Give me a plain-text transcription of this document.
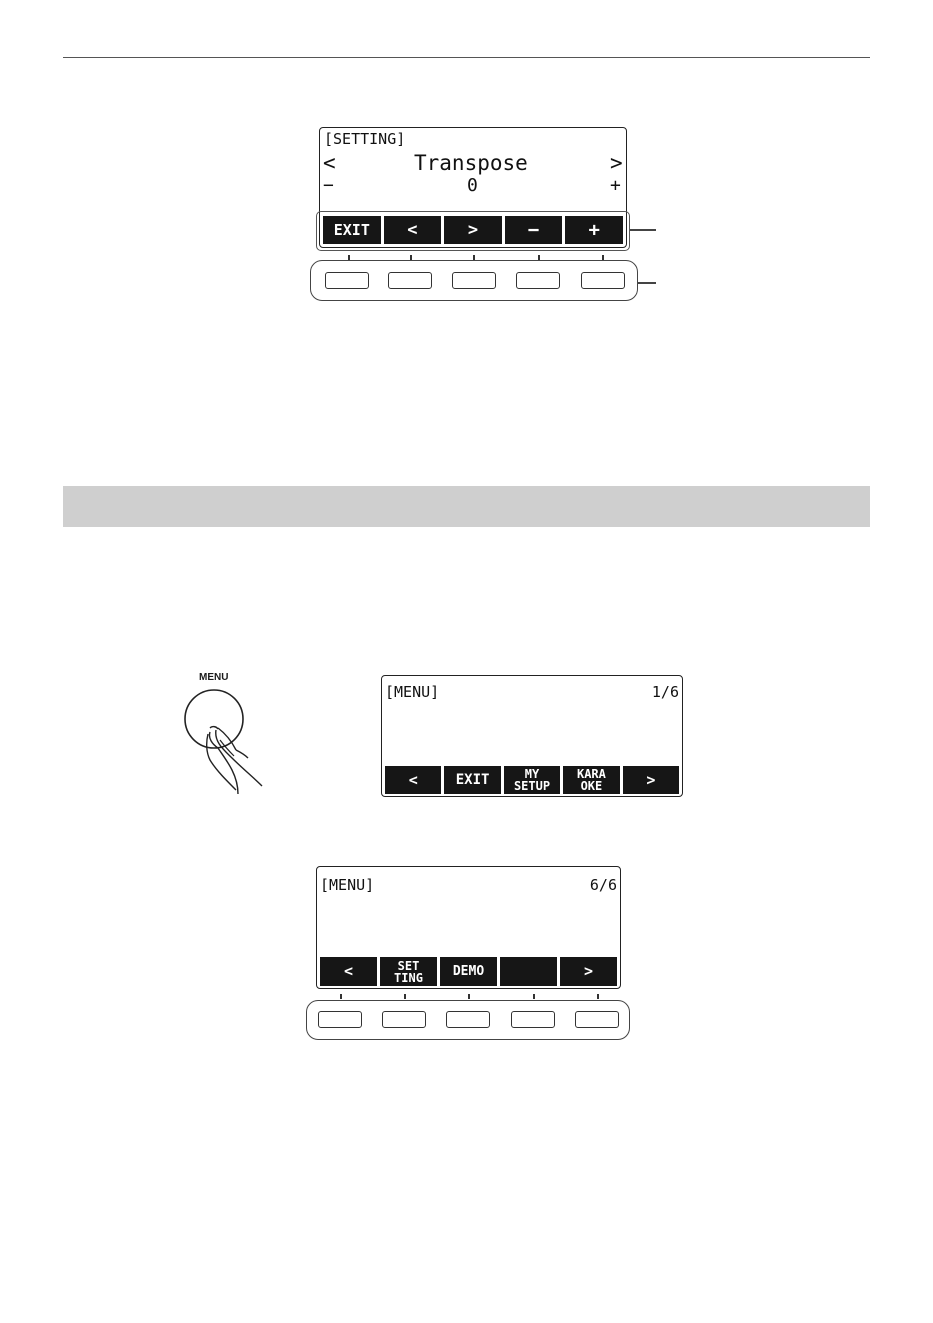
[SETTING]
<	Transpose	>
−	0	+
EXIT	<	>	−	+
MENU
[MENU]	1/6
<	EXIT	MY
SETUP
KARA
OKE	>
[MENU]	6/6
<	SET
TING DEMO	>
